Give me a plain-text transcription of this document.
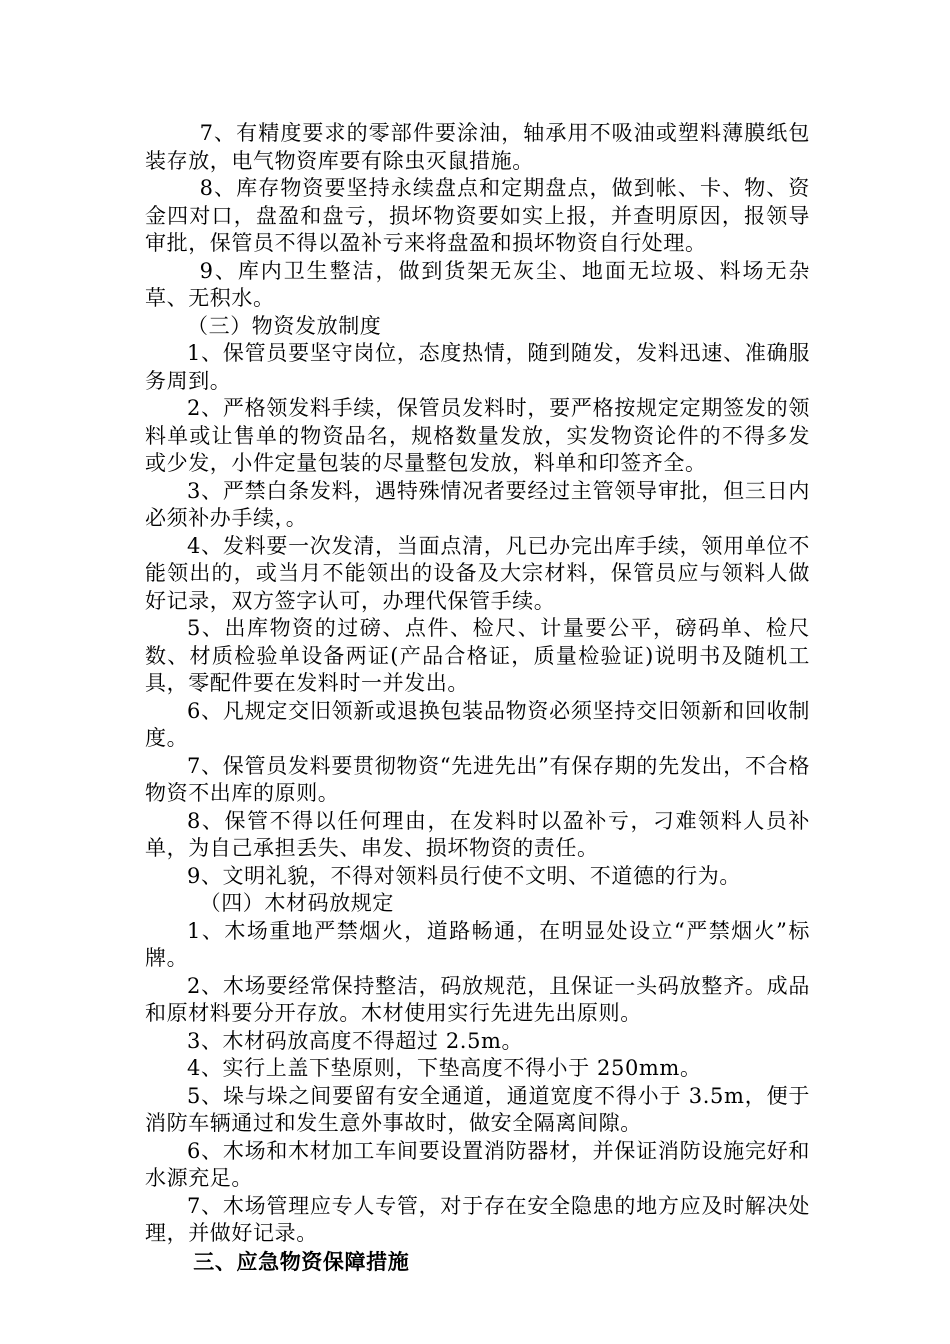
7、有精度要求的零部件要涂油，轴承用不吸油或塑料薄膜纸包装存放，电气物资库要有除虫灭鼠措施。

8、库存物资要坚持永续盘点和定期盘点，做到帐、卡、物、资金四对口，盘盈和盘亏，损坏物资要如实上报，并查明原因，报领导审批，保管员不得以盈补亏来将盘盈和损坏物资自行处理。

9、库内卫生整洁，做到货架无灰尘、地面无垃圾、料场无杂草、无积水。

（三）物资发放制度

1、保管员要坚守岗位，态度热情，随到随发，发料迅速、准确服务周到。

2、严格领发料手续，保管员发料时，要严格按规定定期签发的领料单或让售单的物资品名，规格数量发放，实发物资论件的不得多发或少发，小件定量包装的尽量整包发放，料单和印签齐全。

3、严禁白条发料，遇特殊情况者要经过主管领导审批，但三日内必须补办手续，。

4、发料要一次发清，当面点清，凡已办完出库手续，领用单位不能领出的，或当月不能领出的设备及大宗材料，保管员应与领料人做好记录，双方签字认可，办理代保管手续。

5、出库物资的过磅、点件、检尺、计量要公平，磅码单、检尺数、材质检验单设备两证(产品合格证，质量检验证)说明书及随机工具，零配件要在发料时一并发出。

6、凡规定交旧领新或退换包装品物资必须坚持交旧领新和回收制度。

7、保管员发料要贯彻物资“先进先出”有保存期的先发出，不合格物资不出库的原则。

8、保管不得以任何理由，在发料时以盈补亏，刁难领料人员补单，为自己承担丢失、串发、损坏物资的责任。

9、文明礼貌，不得对领料员行使不文明、不道德的行为。

（四）木材码放规定

1、木场重地严禁烟火，道路畅通，在明显处设立“严禁烟火”标牌。

2、木场要经常保持整洁，码放规范，且保证一头码放整齐。成品和原材料要分开存放。木材使用实行先进先出原则。

3、木材码放高度不得超过 2.5m。

4、实行上盖下垫原则，下垫高度不得小于 250mm。

5、垛与垛之间要留有安全通道，通道宽度不得小于 3.5m，便于消防车辆通过和发生意外事故时，做安全隔离间隙。

6、木场和木材加工车间要设置消防器材，并保证消防设施完好和水源充足。

7、木场管理应专人专管，对于存在安全隐患的地方应及时解决处理，并做好记录。

三、应急物资保障措施
